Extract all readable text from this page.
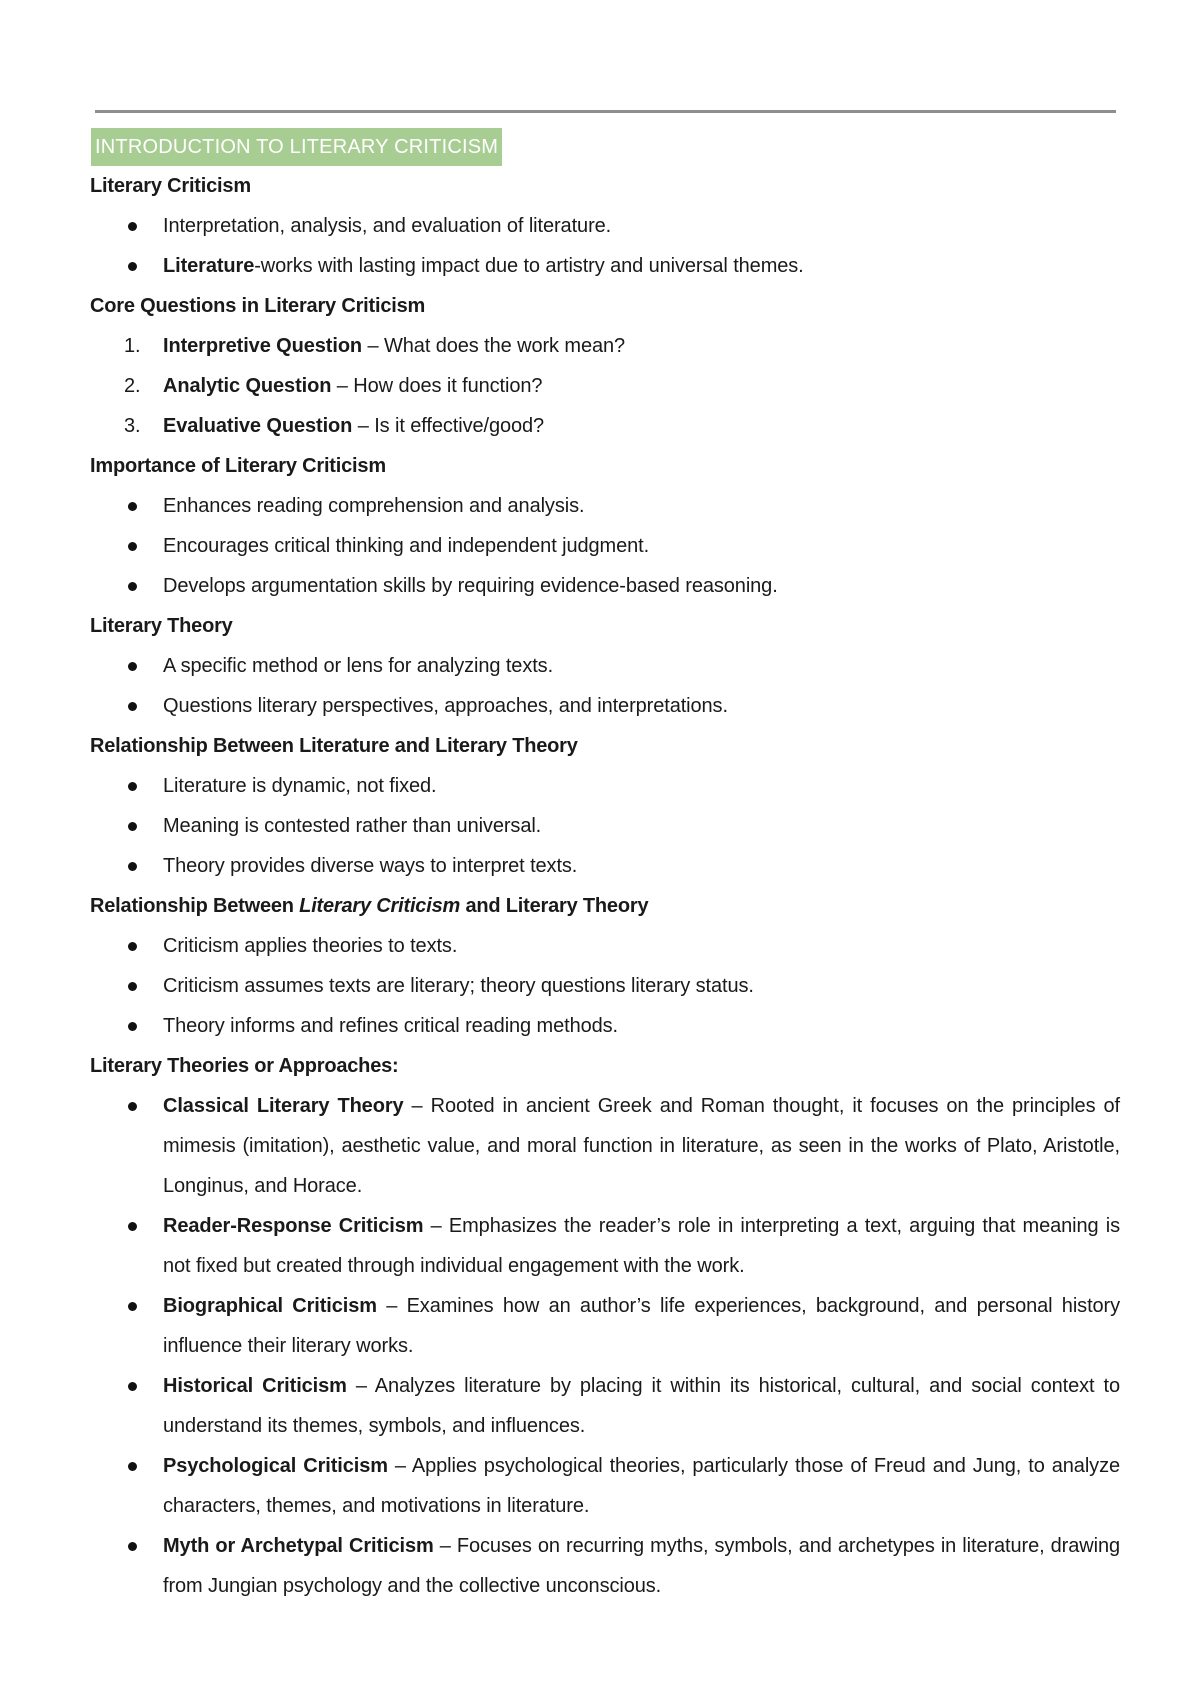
INTRODUCTION TO LITERARY CRITICISM
Literary Criticism
Interpretation, analysis, and evaluation of literature.
Literature-works with lasting impact due to artistry and universal themes.
Core Questions in Literary Criticism
1. Interpretive Question – What does the work mean?
2. Analytic Question – How does it function?
3. Evaluative Question – Is it effective/good?
Importance of Literary Criticism
Enhances reading comprehension and analysis.
Encourages critical thinking and independent judgment.
Develops argumentation skills by requiring evidence-based reasoning.
Literary Theory
A specific method or lens for analyzing texts.
Questions literary perspectives, approaches, and interpretations.
Relationship Between Literature and Literary Theory
Literature is dynamic, not fixed.
Meaning is contested rather than universal.
Theory provides diverse ways to interpret texts.
Relationship Between Literary Criticism and Literary Theory
Criticism applies theories to texts.
Criticism assumes texts are literary; theory questions literary status.
Theory informs and refines critical reading methods.
Literary Theories or Approaches:
Classical Literary Theory – Rooted in ancient Greek and Roman thought, it focuses on the principles of mimesis (imitation), aesthetic value, and moral function in literature, as seen in the works of Plato, Aristotle, Longinus, and Horace.
Reader-Response Criticism – Emphasizes the reader’s role in interpreting a text, arguing that meaning is not fixed but created through individual engagement with the work.
Biographical Criticism – Examines how an author’s life experiences, background, and personal history influence their literary works.
Historical Criticism – Analyzes literature by placing it within its historical, cultural, and social context to understand its themes, symbols, and influences.
Psychological Criticism – Applies psychological theories, particularly those of Freud and Jung, to analyze characters, themes, and motivations in literature.
Myth or Archetypal Criticism – Focuses on recurring myths, symbols, and archetypes in literature, drawing from Jungian psychology and the collective unconscious.
